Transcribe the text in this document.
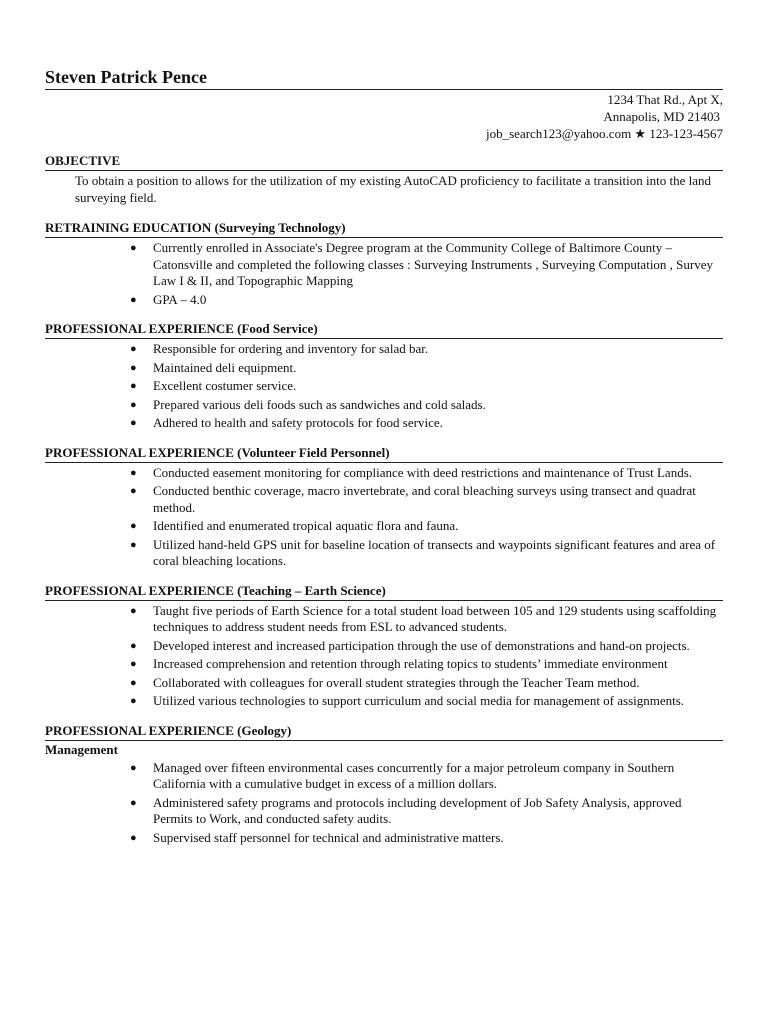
Steven Patrick Pence
1234 That Rd., Apt X,
Annapolis, MD 21403
job_search123@yahoo.com ★ 123-123-4567
OBJECTIVE
To obtain a position to allows for the utilization of my existing AutoCAD proficiency to facilitate a transition into the land surveying field.
RETRAINING EDUCATION (Surveying Technology)
● Currently enrolled in Associate's Degree program at the Community College of Baltimore County – Catonsville and completed the following classes : Surveying Instruments , Surveying Computation , Survey Law I & II, and Topographic Mapping
● GPA – 4.0
PROFESSIONAL EXPERIENCE (Food Service)
● Responsible for ordering and inventory for salad bar.
● Maintained deli equipment.
● Excellent costumer service.
● Prepared various deli foods such as sandwiches and cold salads.
● Adhered to health and safety protocols for food service.
PROFESSIONAL EXPERIENCE (Volunteer Field Personnel)
● Conducted easement monitoring for compliance with deed restrictions and maintenance of Trust Lands.
● Conducted benthic coverage, macro invertebrate, and coral bleaching surveys using transect and quadrat method.
● Identified and enumerated tropical aquatic flora and fauna.
● Utilized hand-held GPS unit for baseline location of transects and waypoints significant features and area of coral bleaching locations.
PROFESSIONAL EXPERIENCE (Teaching – Earth Science)
● Taught five periods of Earth Science for a total student load between 105 and 129 students using scaffolding techniques to address student needs from ESL to advanced students.
● Developed interest and increased participation through the use of demonstrations and hand-on projects.
● Increased comprehension and retention through relating topics to students’ immediate environment
● Collaborated with colleagues for overall student strategies through the Teacher Team method.
● Utilized various technologies to support curriculum and social media for management of assignments.
PROFESSIONAL EXPERIENCE (Geology)
Management
● Managed over fifteen environmental cases concurrently for a major petroleum company in Southern California with a cumulative budget in excess of a million dollars.
● Administered safety programs and protocols including development of Job Safety Analysis, approved Permits to Work, and conducted safety audits.
● Supervised staff personnel for technical and administrative matters.
